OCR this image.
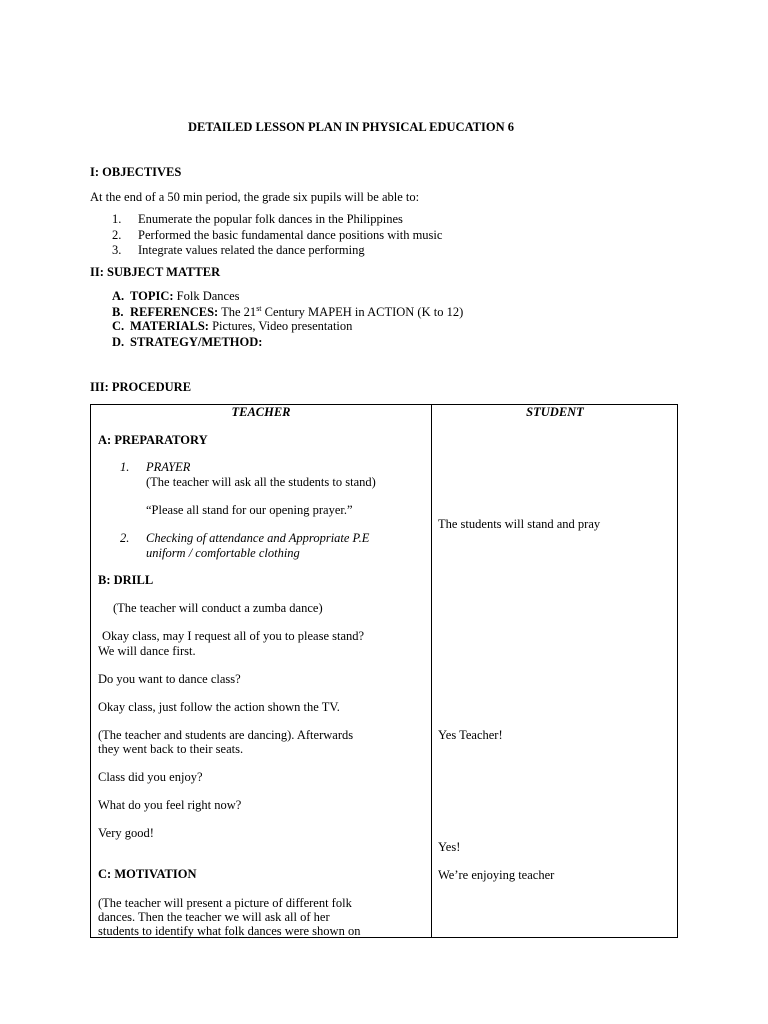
DETAILED LESSON PLAN IN PHYSICAL EDUCATION 6
I: OBJECTIVES
At the end of a 50 min period, the grade six pupils will be able to:
1. Enumerate the popular folk dances in the Philippines
2. Performed the basic fundamental dance positions with music
3. Integrate values related the dance performing
II: SUBJECT MATTER
A. TOPIC: Folk Dances
B. REFERENCES: The 21st Century MAPEH in ACTION (K to 12)
C. MATERIALS: Pictures, Video presentation
D. STRATEGY/METHOD:
III: PROCEDURE
TEACHER	STUDENT
A: PREPARATORY
1. PRAYER
(The teacher will ask all the students to stand)
“Please all stand for our opening prayer.”
2. Checking of attendance and Appropriate P.E
uniform / comfortable clothing
B: DRILL
(The teacher will conduct a zumba dance)
Okay class, may I request all of you to please stand?
We will dance first.
Do you want to dance class?
Okay class, just follow the action shown the TV.
(The teacher and students are dancing). Afterwards
they went back to their seats.
Class did you enjoy?
What do you feel right now?
Very good!
C: MOTIVATION
(The teacher will present a picture of different folk
dances. Then the teacher we will ask all of her
students to identify what folk dances were shown on
The students will stand and pray
Yes Teacher!
Yes!
We’re enjoying teacher
